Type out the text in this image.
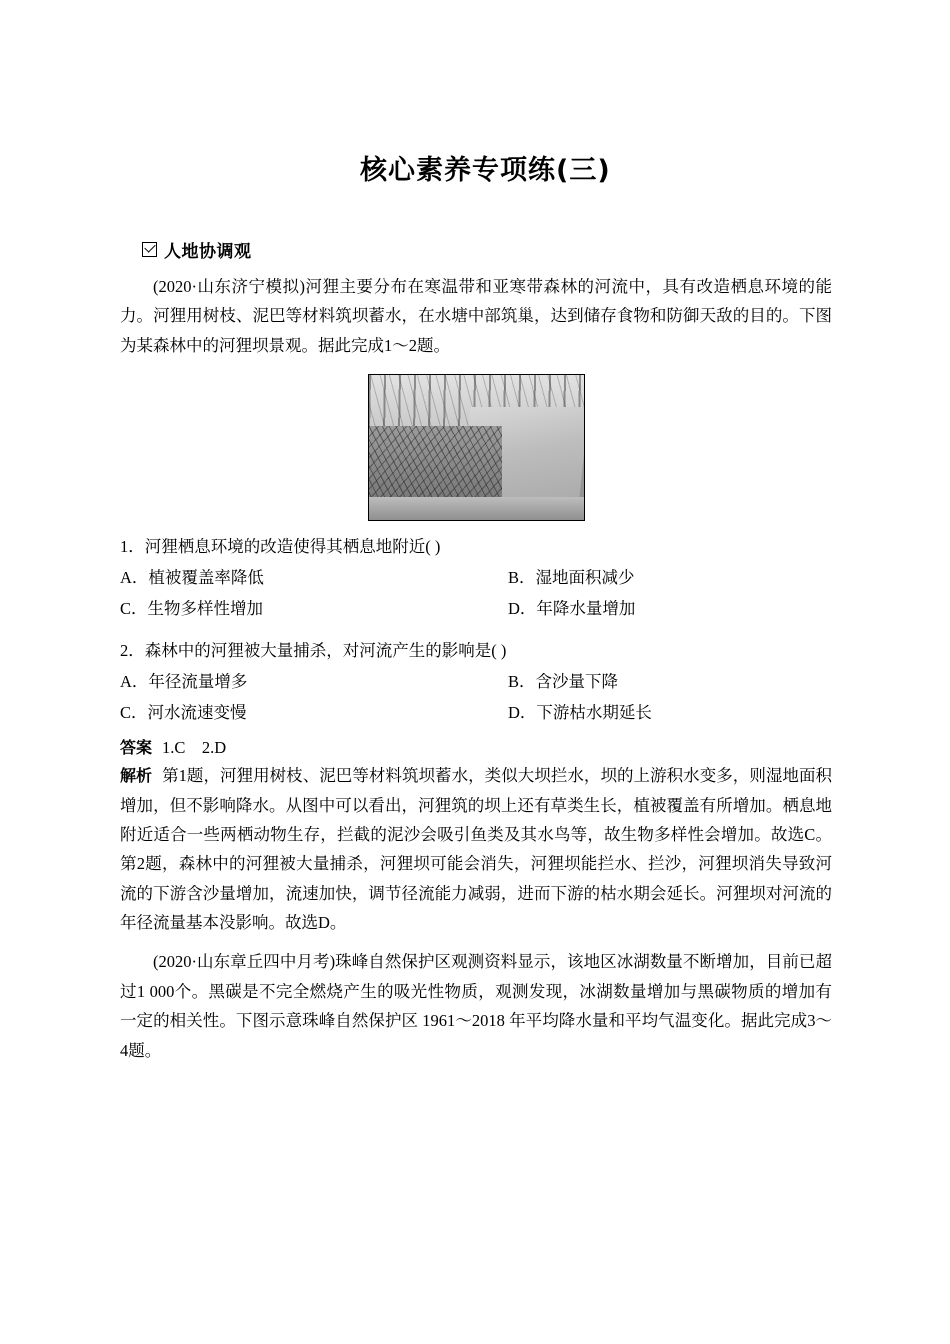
核心素养专项练(三)
人地协调观

(2020·山东济宁模拟)河狸主要分布在寒温带和亚寒带森林的河流中，具有改造栖息环境的能力。河狸用树枝、泥巴等材料筑坝蓄水，在水塘中部筑巢，达到储存食物和防御天敌的目的。下图为某森林中的河狸坝景观。据此完成1～2题。

1．河狸栖息环境的改造使得其栖息地附近( )
A．植被覆盖率降低	B．湿地面积减少
C．生物多样性增加	D．年降水量增加
2．森林中的河狸被大量捕杀，对河流产生的影响是( )
A．年径流量增多	B．含沙量下降
C．河水流速变慢	D．下游枯水期延长
答案 1.C　2.D
解析 第1题，河狸用树枝、泥巴等材料筑坝蓄水，类似大坝拦水，坝的上游积水变多，则湿地面积增加，但不影响降水。从图中可以看出，河狸筑的坝上还有草类生长，植被覆盖有所增加。栖息地附近适合一些两栖动物生存，拦截的泥沙会吸引鱼类及其水鸟等，故生物多样性会增加。故选C。第2题，森林中的河狸被大量捕杀，河狸坝可能会消失，河狸坝能拦水、拦沙，河狸坝消失导致河流的下游含沙量增加，流速加快，调节径流能力减弱，进而下游的枯水期会延长。河狸坝对河流的年径流量基本没影响。故选D。

(2020·山东章丘四中月考)珠峰自然保护区观测资料显示，该地区冰湖数量不断增加，目前已超过1 000个。黑碳是不完全燃烧产生的吸光性物质，观测发现，冰湖数量增加与黑碳物质的增加有一定的相关性。下图示意珠峰自然保护区 1961～2018 年平均降水量和平均气温变化。据此完成3～4题。
